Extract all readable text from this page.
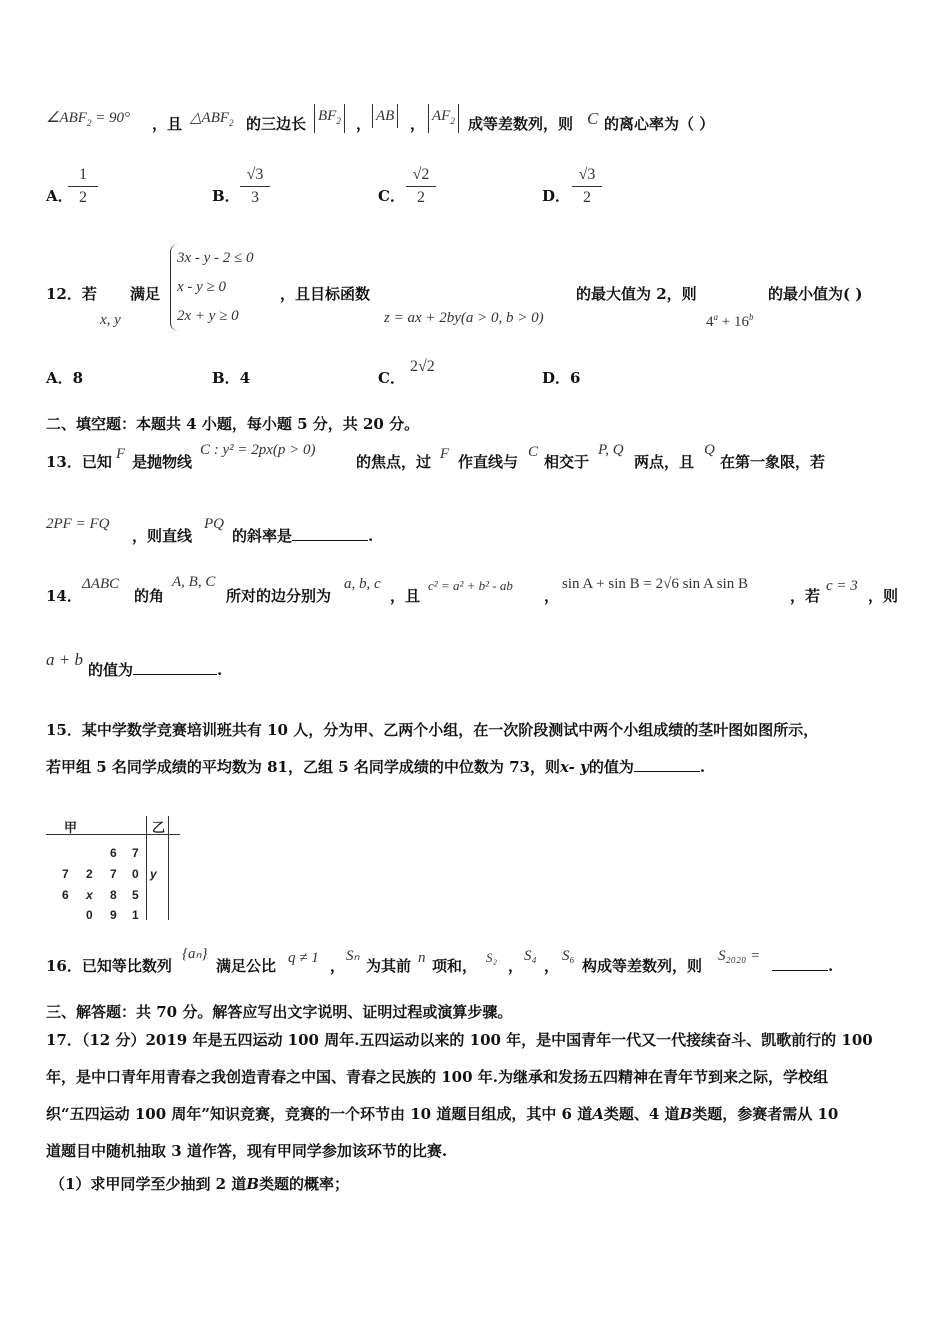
$\angle ABF_2 = 90^\circ$ ，且 $\triangle ABF_2$ 的三边长 $BF_2$ ， AB ， $AF_2$ 成等差数列，则 C 的离心率为（ ）
A．
$\frac{1}{2}$	B． $\frac{√3}{3}$	C． $\frac{√2}{2}$	D． $\frac{√3}{2}$
12．若
x, y
满足
3x - y - 2 ≤ 0
x - y ≥ 0
2x + y ≥ 0
，且目标函数
z = ax + 2by(a > 0, b > 0)
的最大值为 2，则
$4^a + 16^b$
的最小值为( )
A．8	B．4	C．
2√2
D．6
二、填空题：本题共 4 小题，每小题 5 分，共 20 分。
13．已知 F 是抛物线
C : y² = 2px(p > 0)
的焦点，过 F 作直线与
C
相交于
P, Q
两点，且
Q
在第一象限，若
2PF = FQ
，则直线
PQ
的斜率是	.
14．
ΔABC
的角
A, B, C
所对的边分别为
a, b, c
，且
c² = a² + b² - ab
，
sin A + sin B = 2√6 sin A sin B
，若
c = 3
，则
a + b
的值为	.
15．某中学数学竞赛培训班共有 10 人，分为甲、乙两个小组，在一次阶段测试中两个小组成绩的茎叶图如图所示，
若甲组 5 名同学成绩的平均数为 81，乙组 5 名同学成绩的中位数为 73，则x- y的值为	.
甲	乙
6 7
7 2 7 0 y
6 x 8 5
0 9 1
16．已知等比数列
{aₙ}
满足公比 q ≠ 1 ，
Sₙ
为其前 n 项和， S₂ ，
S₄
，
S₆
构成等差数列，则
S₂₀₂₀ =
.
三、解答题：共 70 分。解答应写出文字说明、证明过程或演算步骤。
17．（12 分）2019 年是五四运动 100 周年.五四运动以来的 100 年，是中国青年一代又一代接续奋斗、凯歌前行的 100
年，是中口青年用青春之我创造青春之中国、青春之民族的 100 年.为继承和发扬五四精神在青年节到来之际，学校组
织“五四运动 100 周年”知识竞赛，竞赛的一个环节由 10 道题目组成，其中 6 道A类题、4 道B类题，参赛者需从 10
道题目中随机抽取 3 道作答，现有甲同学参加该环节的比赛.
（1）求甲同学至少抽到 2 道B类题的概率；
